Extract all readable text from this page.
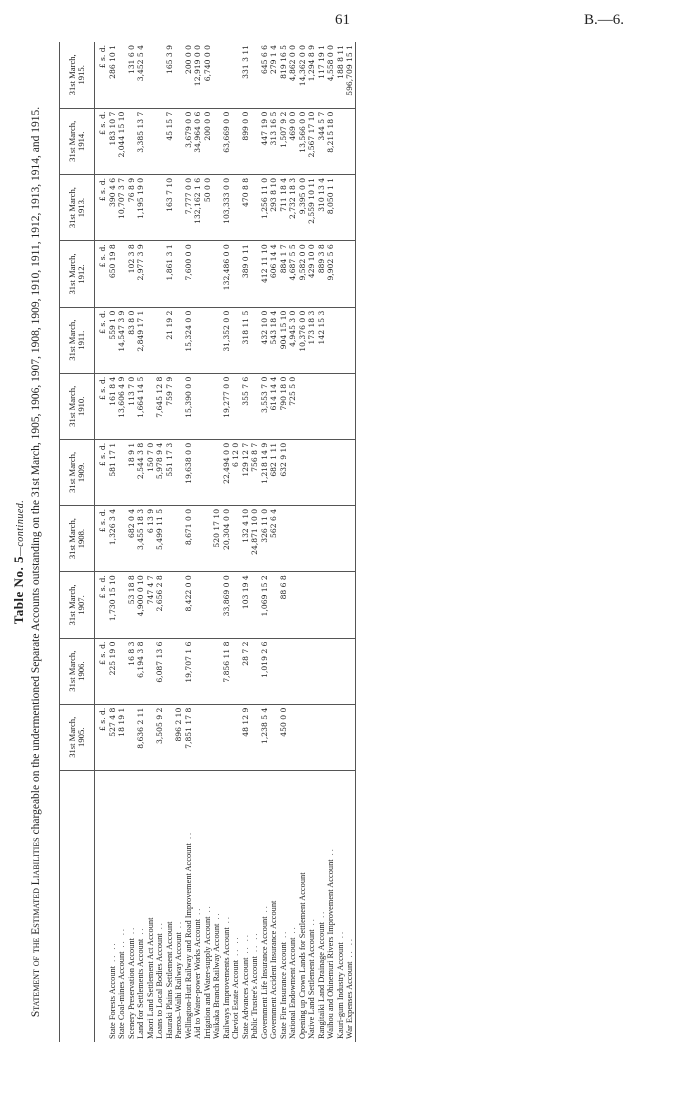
61	B.—6.
Table No. 5—continued.
Statement of the Estimated Liabilities chargeable on the undermentioned Separate Accounts outstanding on the 31st March, 1905, 1906, 1907, 1908, 1909, 1910, 1911, 1912, 1913, 1914, and 1915.
		31st March, 1905.	31st March, 1906.	31st March, 1907.	31st March, 1908.	31st March, 1909.	31st March, 1910.	31st March, 1911.	31st March, 1912.	31st March, 1913.	31st March, 1914.	31st March, 1915.
	£ s. d.	£ s. d.	£ s. d.	£ s. d.	£ s. d.	£ s. d.	£ s. d.	£ s. d.	£ s. d.	£ s. d.	£ s. d.
State Forests Account .. ..	527 4 8	225 19 0	1,730 15 10	1,326 3 4	581 17 1	161 8 4	559 1 0	650 19 8	390 4 6	183 10 7	286 10 1
State Coal-mines Account .. ..	18 19 1					13,606 4 9	14,547 3 9		10,707 3 7	2,044 15 10	
Scenery Preservation Account ..		16 8 3	53 18 8	682 0 4	18 9 1	113 7 0	83 8 0	102 3 8	76 8 9		131 6 0
Land for Settlements Account ..	8,636 2 11	6,194 3 8	4,900 0 10	3,455 18 3	2,544 3 8	1,664 14 5	2,849 17 1	2,977 3 9	1,195 19 0	3,385 13 7	3,452 5 4
Maori Land Settlement Act Account			747 4 7	6 13 9	150 7 0						
Loans to Local Bodies Account ..	3,505 9 2	6,087 13 6	2,656 2 8	5,499 11 5	5,978 9 4	7,645 12 8					
Hauraki Plains Settlement Account					551 17 3	759 7 9	21 19 2	1,861 3 1	163 7 10	45 15 7	165 3 9
Paeroa–Waihi Railway Account ..	896 2 10										
Wellington-Hutt Railway and Road Improvement Account ..	7,851 17 8	19,707 1 6	8,422 0 0	8,671 0 0	19,638 0 0	15,390 0 0	15,324 0 0	7,600 0 0	7,777 0 0	3,679 0 0	200 0 0
Aid to Water-power Works Account ..									132,162 1 6	34,964 0 6	12,919 0 0
Irrigation and Water-supply Account ..									50 0 0	200 0 0	6,740 0 0
Waikaka Branch Railway Account ..				520 17 10							
Railways Improvements Account ..		7,856 11 8	33,869 0 0	20,304 0 0	22,494 0 0	19,277 0 0	31,352 0 0	132,486 0 0	103,333 0 0	63,669 0 0	
Cheviot Estate Account .. ..					6 12 0						
State Advances Account .. ..	48 12 9	28 7 2	103 19 4	132 4 10	129 12 7	355 7 6	318 11 5	389 0 11	470 8 8	899 0 0	331 3 11
Public Trustee's Account .. ..				24,871 10 0	756 8 7						
Government Life Insurance Account ..	1,238 5 4	1,019 2 6	1,069 15 2	326 11 0	1,218 14 9	3,553 7 0	432 10 0	412 11 10	1,256 11 0	447 19 0	645 6 6
Government Accident Insurance Account				562 6 4	682 1 11	614 14 4	543 18 4	606 14 4	293 8 10	313 16 5	279 1 4
State Fire Insurance Account ..	450 0 0		88 6 8		632 9 10	790 18 0	904 15 10	884 1 7	711 18 4	1,507 9 2	819 16 5
National Endowment Account ..						725 5 0	4,945 3 0	4,687 5 5	2,732 18 3	469 0 0	4,862 0 0
Opening up Crown Lands for Settlement Account							10,376 0 0	9,582 0 0	9,395 0 0	13,566 0 0	14,362 0 0
Native Land Settlement Account ..							173 18 3	429 10 0	2,559 10 11	2,567 17 10	1,294 8 9
Rangitaiki Land Drainage Account ..							142 15 3	889 3 8	310 13 4	344 5 7	117 19 1
Waihou and Ohinemuri Rivers Improvement Account ..								9,902 5 6	8,050 1 1	8,215 18 0	4,558 0 0
Kauri-gum Industry Account ..											188 8 11
War Expenses Account .. ..											596,709 15 1
